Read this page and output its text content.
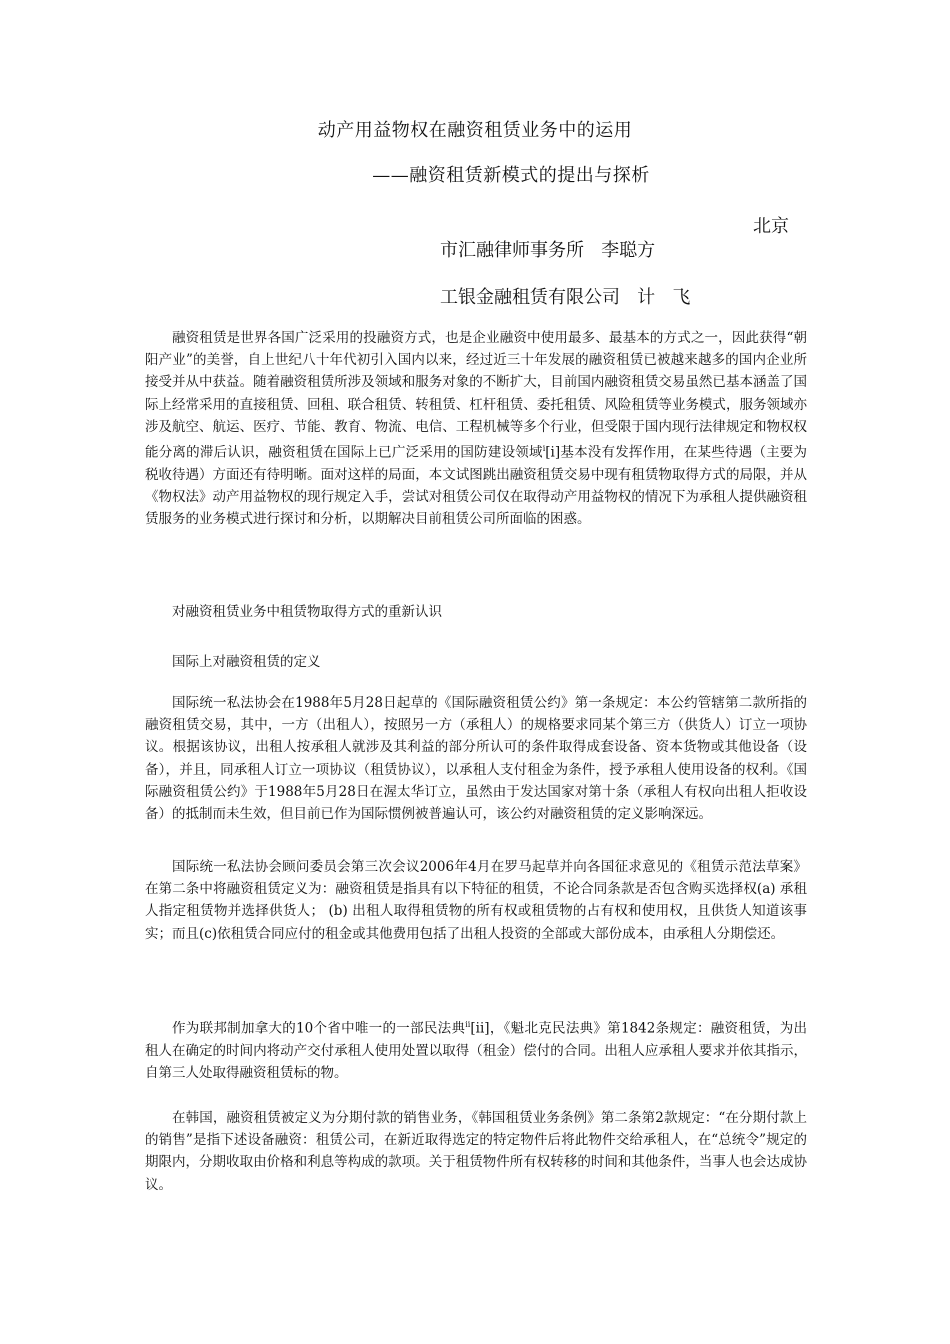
动产用益物权在融资租赁业务中的运用
——融资租赁新模式的提出与探析
北京
市汇融律师事务所   李聪方
工银金融租赁有限公司   计   飞
融资租赁是世界各国广泛采用的投融资方式，也是企业融资中使用最多、最基本的方式之一，因此获得“朝阳产业”的美誉，自上世纪八十年代初引入国内以来，经过近三十年发展的融资租赁已被越来越多的国内企业所接受并从中获益。随着融资租赁所涉及领域和服务对象的不断扩大，目前国内融资租赁交易虽然已基本涵盖了国际上经常采用的直接租赁、回租、联合租赁、转租赁、杠杆租赁、委托租赁、风险租赁等业务模式，服务领域亦涉及航空、航运、医疗、节能、教育、物流、电信、工程机械等多个行业，但受限于国内现行法律规定和物权权能分离的滞后认识，融资租赁在国际上已广泛采用的国防建设领域$^i$[i]基本没有发挥作用，在某些待遇（主要为税收待遇）方面还有待明晰。面对这样的局面，本文试图跳出融资租赁交易中现有租赁物取得方式的局限，并从《物权法》动产用益物权的现行规定入手，尝试对租赁公司仅在取得动产用益物权的情况下为承租人提供融资租赁服务的业务模式进行探讨和分析，以期解决目前租赁公司所面临的困惑。
对融资租赁业务中租赁物取得方式的重新认识
国际上对融资租赁的定义
国际统一私法协会在1988年5月28日起草的《国际融资租赁公约》第一条规定：本公约管辖第二款所指的融资租赁交易，其中，一方（出租人），按照另一方（承租人）的规格要求同某个第三方（供货人）订立一项协议。根据该协议，出租人按承租人就涉及其利益的部分所认可的条件取得成套设备、资本货物或其他设备（设备），并且，同承租人订立一项协议（租赁协议），以承租人支付租金为条件，授予承租人使用设备的权利。《国际融资租赁公约》于1988年5月28日在渥太华订立，虽然由于发达国家对第十条（承租人有权向出租人拒收设备）的抵制而未生效，但目前已作为国际惯例被普遍认可，该公约对融资租赁的定义影响深远。
国际统一私法协会顾问委员会第三次会议2006年4月在罗马起草并向各国征求意见的《租赁示范法草案》在第二条中将融资租赁定义为：融资租赁是指具有以下特征的租赁，不论合同条款是否包含购买选择权(a) 承租人指定租赁物并选择供货人； (b) 出租人取得租赁物的所有权或租赁物的占有权和使用权，且供货人知道该事实；而且(c)依租赁合同应付的租金或其他费用包括了出租人投资的全部或大部份成本，由承租人分期偿还。
作为联邦制加拿大的10个省中唯一的一部民法典$^{ii}$[ii]，《魁北克民法典》第1842条规定：融资租赁，为出租人在确定的时间内将动产交付承租人使用处置以取得（租金）偿付的合同。出租人应承租人要求并依其指示，自第三人处取得融资租赁标的物。
在韩国，融资租赁被定义为分期付款的销售业务，《韩国租赁业务条例》第二条第2款规定：“在分期付款上的销售”是指下述设备融资：租赁公司，在新近取得选定的特定物件后将此物件交给承租人，在“总统令”规定的期限内，分期收取由价格和利息等构成的款项。关于租赁物件所有权转移的时间和其他条件，当事人也会达成协议。
